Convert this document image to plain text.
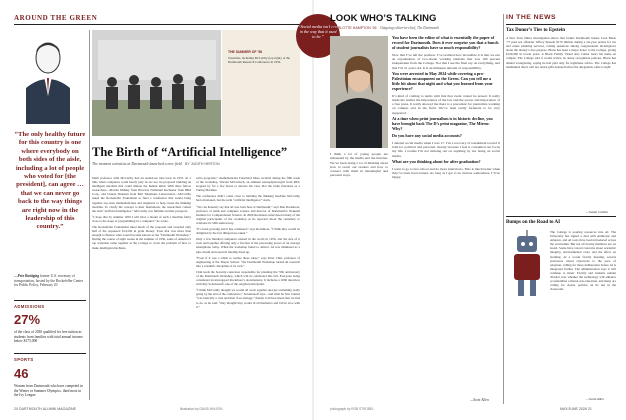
AROUND THE GREEN
“The only healthy future for this country is one where everybody on both sides of the aisle, including a lot of people who voted for [the president], can agree … that we can never go back to the way things are right now in the leadership of this country.”
—Pete Buttigieg former U.S. secretary of transportation, hosted by the Rockefeller Center for Public Policy, February 20
ADMISSIONS
27%
of the class of 2030 qualified for free tuition as students from families with total annual income below $175,000
SPORTS
46
Women from Dartmouth who have competed in the Winter or Summer Olympics, third most in the Ivy League
THE SUMMER OF ’56
Scientists, including McCarthy (top right), at the Dartmouth Research Conference in 1956.
The Birth of “Artificial Intelligence”
The moment scientists at Dartmouth launched a new field BY JUDITH HERTON

Math professor John McCarthy had an audacious idea back in 1955. At a time when computers could barely play tic-tac-toe, he proposed building an intelligent machine that could imitate the human mind. With three fellow researchers—Marvin Minsky from Harvard, Nathaniel Rochester from IBM Corp., and Claude Shannon from Bell Telephone Laboratories—McCarthy asked the Rockefeller Foundation to fund a conference that would bring together top-class mathematicians and engineers to help create the thinking machine. To clarify the concept to their institutions, the researchers coined the term “artificial intelligence.” McCarthy was fulltime on their prospects.

“I hope that by summer 1956 I will have a model of such a machine fairly close to the stage of programming in a computer,” he wrote.

The Rockefeller Foundation liked much of the proposal and awarded only half of the requested $14,500 in grant money. Even that was more than enough to finance what would become known as the “Dartmouth Workshop.” During the course of eight weeks in the summer of 1956, some of America’s top scientists came together at the College to crack the problem of how to make intelligent machines.

write programs,” mathematician Trenchard More recalled during the fifth week of the workshop. Warren McCulloch, an eminent neurophysiologist from MIT, stopped by for a few hours to discuss his view that the brain functions as a Turing Machine.

The conference didn’t come close to building the thinking machine McCarthy had envisioned, but the term “artificial intelligence” stuck.

“We can honestly say that AI was born here at Dartmouth,” says Dan Rockmore, professor of math and computer science and director of Dartmouth’s Neukom Institute for Computational Science. In 2006 Rockmore interviewed many of the original participants of the workshop as he reported about the centenary to celebrate its 50th anniversary.

“It’s been growing and it has continued,” says Rockmore. “I think they would be delighted by the fact things have taken.”

Only a few hundred computers existed in the world in 1956, and the size of it even and together offering only a fraction of the processing power of an average smartphone today. When the workshop failed to deliver, AI was dismissed as a pipe dream and research funding dried up.

“Even if it was a while to realize those ideas,” says Peter Chin, professor of engineering at the Thayer School. “the Dartmouth Workshop turned AI research into a scientific discipline of its own.”

Chin leads the Security-conscious responsible for planning the 70th anniversary of the Dartmouth Workshop, which will be celebrated this fall. Everyone being considered an unwrapped Rockmore’s documentary. It includes a 2006 interview with Ray Solomonoff, one of the original participants.

“I think McCarthy thought we would all work together and get something really going by the end of the conference,” Solomonoff says—and what he first wanted “was basically a cure and then if an analogy.” Kenny it did not mean that we had to do, as he said, “they thought they would in all thematics and fall in love with it.”

20 DARTMOUTH ALUMNI MAGAZINE	illustration by DAVID WILSON
“Social media isn’t real in the way that it used to be.”
LOOK WHO’S TALKING
CHARLOTTE HAMPTON ’26 Outgoing editor-in-chief, The Dartmouth
I think a lot of young people are exhausted by the media and the internet. We’ve been doing a lot of thinking about how to reach our readers and how to connect with them in meaningful and personal ways.
You have been the editor of what is essentially the paper of record for Dartmouth. Does it ever surprise you that a bunch of student journalists have so much responsibility?
Now that I’ve left the position, I’ve realized how incredible it is that we run an organization of two-dozen working students that was 100 percent independent from the College. Not that I see the final say on everything, and that I’m 21 years old. It is an immense amount of responsibility.
You were arrested in May 2024 while covering a pro-Palestinian encampment on the Green. Can you tell me a little bit about that night and what you learned from your experience?
It’s kind of coming to terms with that that event cannot be erased. It really made me realize the importance of the law and the power and importance of a free press. It really showed me there is a precedent for journalists working on campus and in the field. We’ve been really fortunate to be very supported.
At a time when print journalism is in historic decline, you have brought back The D’s print magazine, The Mirror. Why?
Do you have any social media accounts?
I deleted social media when I was 17. I’m a recovery of resentment toward it both for political and personal, mostly because I feel it consumed our focus my life. I realize I’m not missing out on anything by not being on social media.
What are you thinking about for after graduation?
I want to go to law school and do more interviews. This is much better when they’ve been hard earned. As long as I get to be curious somewhere, I’ll be happy.
—Scott Allen
IN THE NEWS
Tax Donor’s Ties to Epstein
A New York Times investigation shows that former Dartmouth trustee Leon Black ’77 paid sex offender Jeffrey Epstein $170 million during a six-year period for tax and estate planning services, raising questions among congressional investigators about the money’s true purpose. Black has been a major donor to the College, giving $100,000 in recent years. A Black Family Visual Arts Center bears his name on campus. The College said it would review its donor recognition policies. Black has denied wrongdoing, saying he had paid only for legitimate advice. The College has maintained that it will not return gifts donated before the allegations came to light.
—Susan Collins
Bumps on the Road to AI
The College is pouring resources into AI. The University has signed a deal with Anthropic and Amazon, and AI tools have been introduced across the curriculum. But not all faculty members are on board. Some have voiced concerns about academic integrity, environmental costs, and the effect on learning. At a recent faculty meeting, several professors raised objections to the pace of adoption, calling for more deliberation before AI is integrated further. The administration says it will continue to listen. Faculty and students remain divided over whether the technology will enhance or undermine a liberal arts education, and many are calling for clearer policies on its use in the classroom.
—Scott Allen
photograph by ROB STROBEL	MAY/JUNE 2026 21
